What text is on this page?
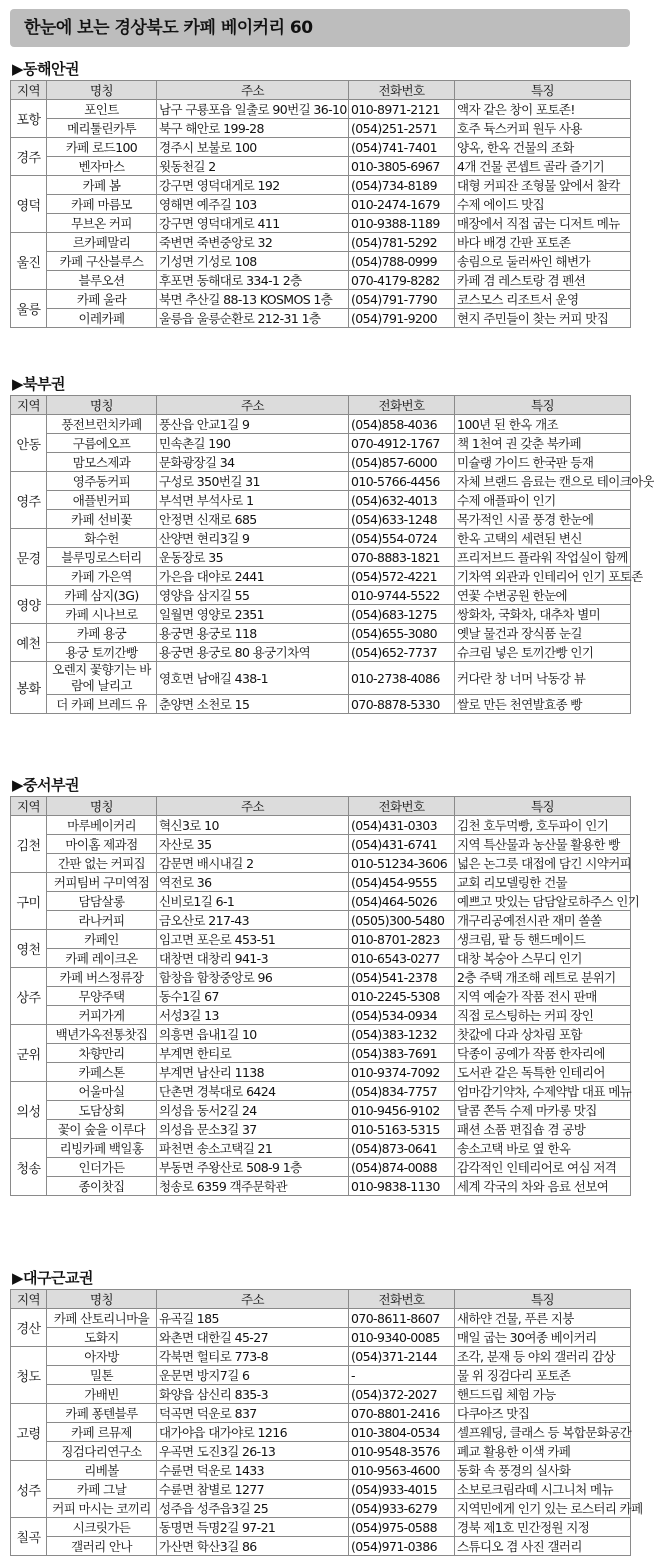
한눈에 보는 경상북도 카페 베이커리 60
▶동해안권
지역	명칭	주소	전화번호	특징
포항	포인트	남구 구룡포읍 일출로 90번길 36-10	010-8971-2121	액자 같은 창이 포토존!
	메리툴린카투	북구 해안로 199-28	(054)251-2571	호주 듁스커피 원두 사용
경주	카페 로드100	경주시 보불로 100	(054)741-7401	양옥, 한옥 건물의 조화
	벤자마스	윗동천길 2	010-3805-6967	4개 건물 콘셉트 골라 즐기기
영덕	카페 봄	강구면 영덕대게로 192	(054)734-8189	대형 커피잔 조형물 앞에서 찰칵
	카페 마름모	영해면 예주길 103	010-2474-1679	수제 에이드 맛집
	무브온 커피	강구면 영덕대게로 411	010-9388-1189	매장에서 직접 굽는 디저트 메뉴
울진	르카페말리	죽변면 죽변중앙로 32	(054)781-5292	바다 배경 간판 포토존
	카페 구산블루스	기성면 기성로 108	(054)788-0999	송림으로 둘러싸인 해변가
	블루오션	후포면 동해대로 334-1 2층	070-4179-8282	카페 겸 레스토랑 겸 펜션
울릉	카페 울라	북면 추산길 88-13 KOSMOS 1층	(054)791-7790	코스모스 리조트서 운영
	이레카페	울릉읍 울릉순환로 212-31 1층	(054)791-9200	현지 주민들이 찾는 커피 맛집
▶북부권
지역	명칭	주소	전화번호	특징
안동	풍전브런치카페	풍산읍 안교1길 9	(054)858-4036	100년 된 한옥 개조
	구름에오프	민속촌길 190	070-4912-1767	책 1천여 권 갖춘 북카페
	맘모스제과	문화광장길 34	(054)857-6000	미슐랭 가이드 한국판 등재
영주	영주동커피	구성로 350번길 31	010-5766-4456	자체 브랜드 음료는 캔으로 테이크아웃
	애플빈커피	부석면 부석사로 1	(054)632-4013	수제 애플파이 인기
	카페 선비꽃	안정면 신재로 685	(054)633-1248	목가적인 시골 풍경 한눈에
문경	화수헌	산양면 현리3길 9	(054)554-0724	한옥 고택의 세련된 변신
	블루밍로스터리	운동장로 35	070-8883-1821	프리저브드 플라워 작업실이 함께
	카페 가은역	가은읍 대야로 2441	(054)572-4221	기차역 외관과 인테리어 인기 포토존
영양	카페 삼지(3G)	영양읍 삼지길 55	010-9744-5522	연꽃 수변공원 한눈에
	카페 시나브로	일월면 영양로 2351	(054)683-1275	쌍화차, 국화차, 대추차 별미
예천	카페 용궁	용궁면 용궁로 118	(054)655-3080	옛날 물건과 장식품 눈길
	용궁 토끼간빵	용궁면 용궁로 80 용궁기차역	(054)652-7737	슈크림 넣은 토끼간빵 인기
봉화	오렌지 꽃향기는 바람에 날리고	영호면 남애길 438-1	010-2738-4086	커다란 창 너머 낙동강 뷰
	더 카페 브레드 유	춘양면 소천로 15	070-8878-5330	쌀로 만든 천연발효종 빵
▶중서부권
지역	명칭	주소	전화번호	특징
김천	마루베이커리	혁신3로 10	(054)431-0303	김천 호두먹빵, 호두파이 인기
	마이홈 제과점	자산로 35	(054)431-6741	지역 특산물과 농산물 활용한 빵
	간판 없는 커피집	감문면 배시내길 2	010-51234-3606	넓은 논그릇 대접에 담긴 시약커피
구미	커피팀버 구미역점	역전로 36	(054)454-9555	교회 리모델링한 건물
	담담살롱	신비로1길 6-1	(054)464-5026	예쁘고 맛있는 담담알로하주스 인기
	라나커피	금오산로 217-43	(0505)300-5480	개구리공예전시관 재미 쏠쏠
영천	카페인	임고면 포은로 453-51	010-8701-2823	생크림, 팥 등 핸드메이드
	카페 레이크온	대창면 대창리 941-3	010-6543-0277	대창 복숭아 스무디 인기
상주	카페 버스정류장	함창읍 함창중앙로 96	(054)541-2378	2층 주택 개조해 레트로 분위기
	무양주택	동수1길 67	010-2245-5308	지역 예술가 작품 전시 판매
	커피가게	서성3길 13	(054)534-0934	직접 로스팅하는 커피 장인
군위	백년가옥전통찻집	의흥면 읍내1길 10	(054)383-1232	찻값에 다과 상차림 포함
	차향만리	부계면 한티로	(054)383-7691	닥종이 공예가 작품 한자리에
	카페스톤	부계면 남산리 1138	010-9374-7092	도서관 같은 독특한 인테리어
의성	어울마실	단촌면 경북대로 6424	(054)834-7757	엄마감기약차, 수제약밥 대표 메뉴
	도담상회	의성읍 동서2길 24	010-9456-9102	달콤 쫀득 수제 마카롱 맛집
	꽃이 숲을 이루다	의성읍 문소3길 37	010-5163-5315	패션 소품 편집숍 겸 공방
청송	리빙카페 백일홍	파천면 송소고택길 21	(054)873-0641	송소고택 바로 옆 한옥
	인더가든	부동면 주왕산로 508-9 1층	(054)874-0088	감각적인 인테리어로 여심 저격
	종이찻집	청송로 6359 객주문학관	010-9838-1130	세계 각국의 차와 음료 선보여
▶대구근교권
지역	명칭	주소	전화번호	특징
경산	카페 산토리니마을	유곡길 185	070-8611-8607	새하얀 건물, 푸른 지붕
	도화지	와촌면 대한길 45-27	010-9340-0085	매일 굽는 30여종 베이커리
청도	아자방	각북면 헐티로 773-8	(054)371-2144	조각, 분재 등 야외 갤러리 감상
	밀톤	운문면 방지7길 6	-	물 위 징검다리 포토존
	가배빈	화양읍 삼신리 835-3	(054)372-2027	핸드드립 체험 가능
고령	카페 퐁텐블루	덕곡면 덕운로 837	070-8801-2416	다쿠아즈 맛집
	카페 르뮤제	대가야읍 대가야로 1216	010-3804-0534	셀프웨딩, 클래스 등 복합문화공간
	징검다리연구소	우곡면 도진3길 26-13	010-9548-3576	폐교 활용한 이색 카페
성주	리베볼	수륜면 덕운로 1433	010-9563-4600	동화 속 풍경의 실사화
	카페 그날	수륜면 참별로 1277	(054)933-4015	소보로크림라떼 시그니처 메뉴
	커피 마시는 코끼리	성주읍 성주읍3길 25	(054)933-6279	지역민에게 인기 있는 로스터리 카페
칠곡	시크릿가든	동명면 득명2길 97-21	(054)975-0588	경북 제1호 민간정원 지정
	갤러리 안나	가산면 학산3길 86	(054)971-0386	스튜디오 겸 사진 갤러리
